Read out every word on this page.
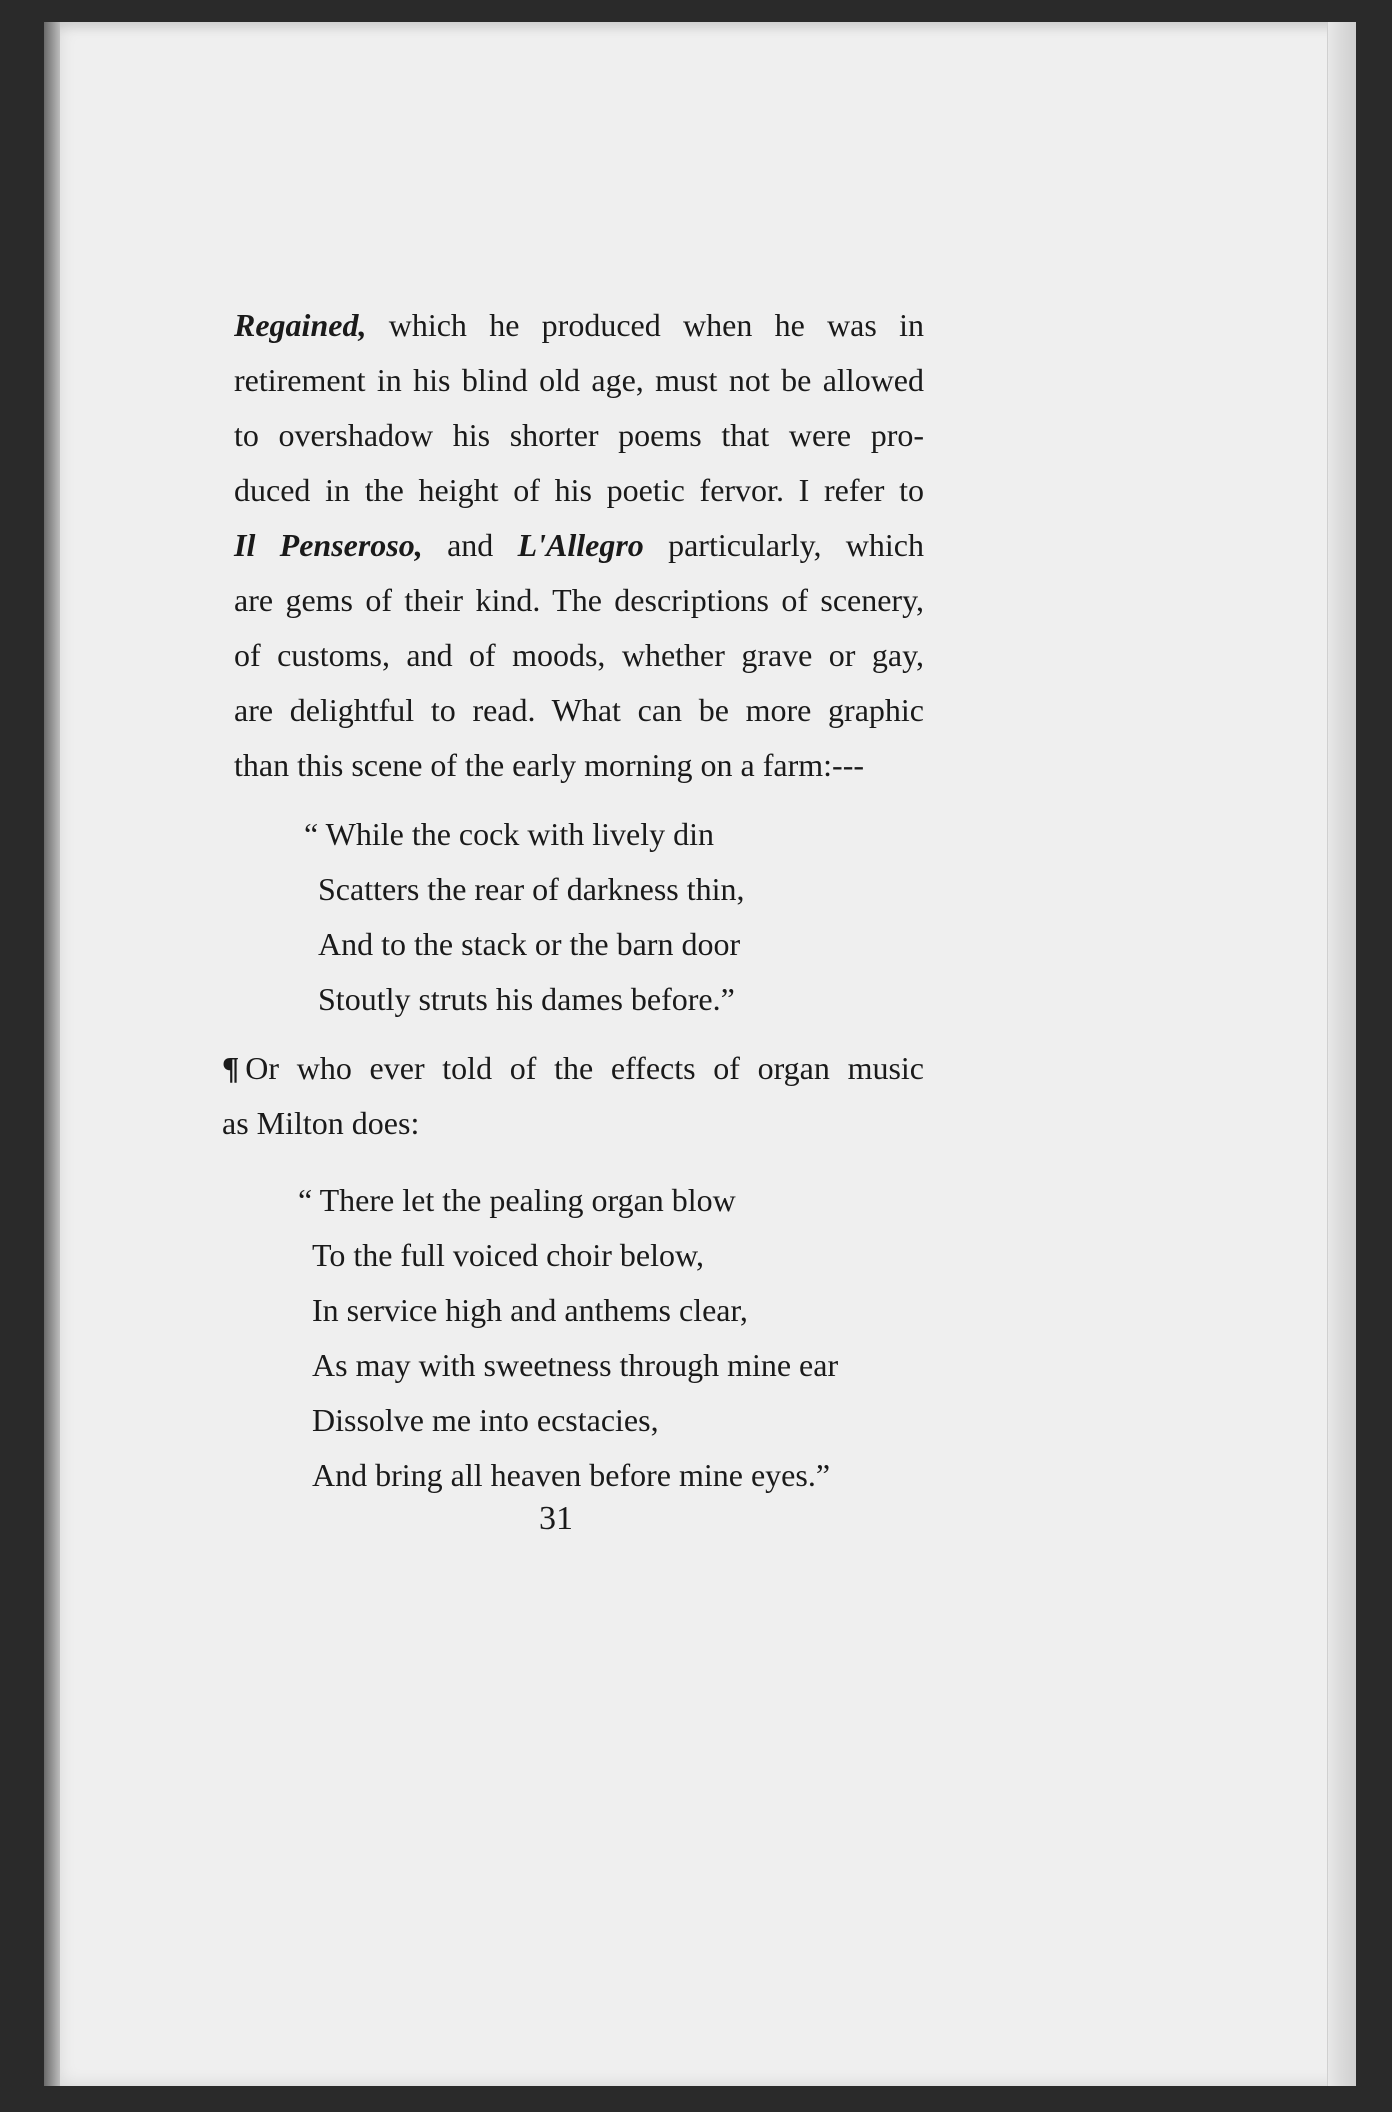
Regained, which he produced when he was in
retirement in his blind old age, must not be allowed
to overshadow his shorter poems that were pro-
duced in the height of his poetic fervor. I refer to
Il Penseroso, and L'Allegro particularly, which
are gems of their kind. The descriptions of scenery,
of customs, and of moods, whether grave or gay,
are delightful to read. What can be more graphic
than this scene of the early morning on a farm:---

“ While the cock with lively din
Scatters the rear of darkness thin,
And to the stack or the barn door
Stoutly struts his dames before.”

¶ Or who ever told of the effects of organ music
as Milton does:

“ There let the pealing organ blow
To the full voiced choir below,
In service high and anthems clear,
As may with sweetness through mine ear
Dissolve me into ecstacies,
And bring all heaven before mine eyes.”
31
